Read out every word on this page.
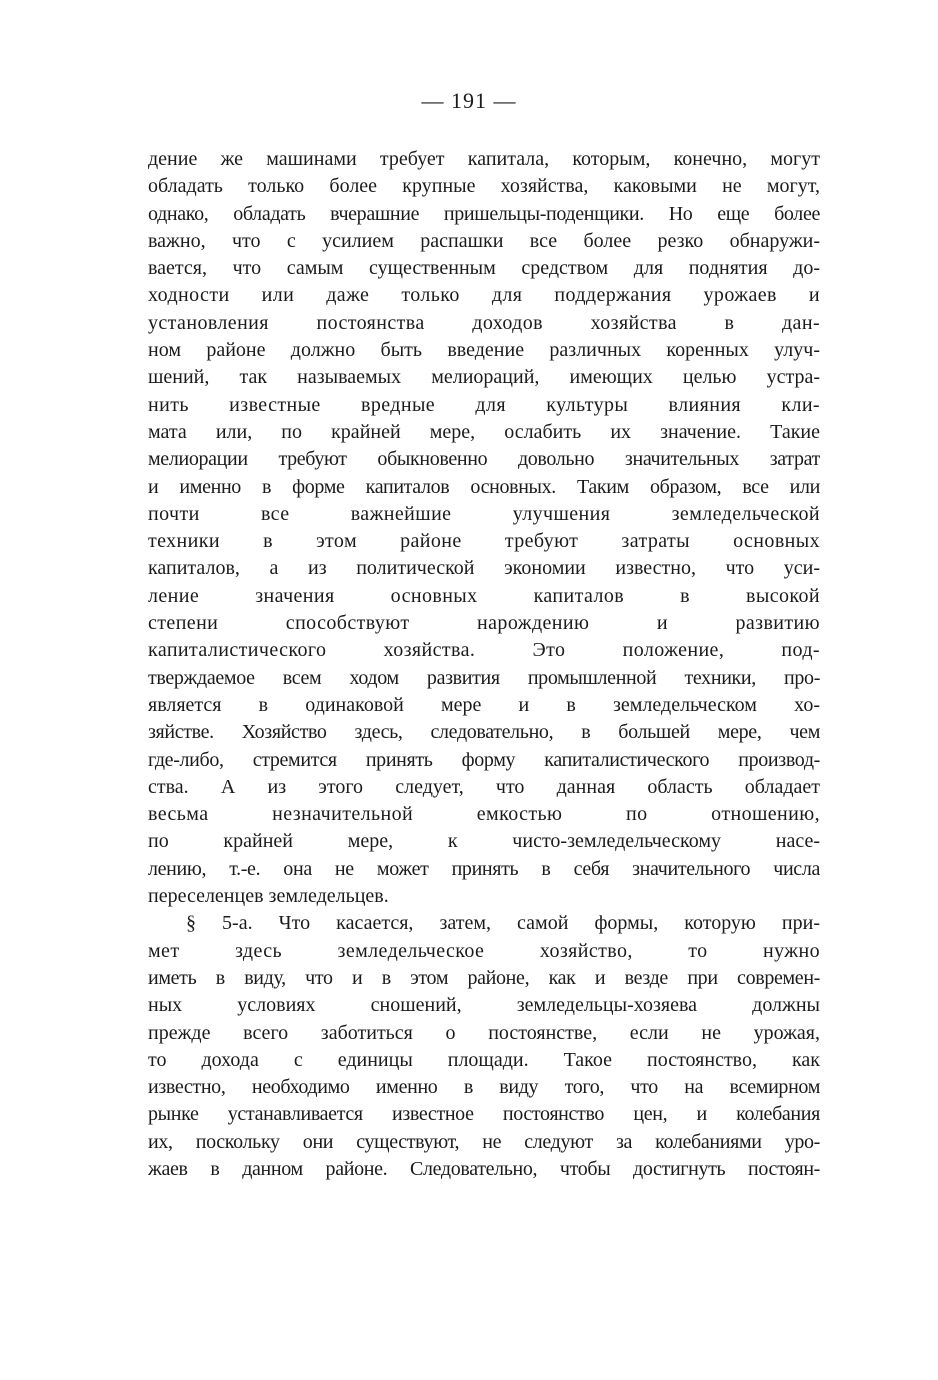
— 191 —
дение же машинами требует капитала, которым, конечно, могут
обладать только более крупные хозяйства, каковыми не могут,
однако, обладать вчерашние пришельцы-поденщики. Но еще более
важно, что с усилием распашки все более резко обнаружи-
вается, что самым существенным средством для поднятия до-
ходности или даже только для поддержания урожаев и
установления постоянства доходов хозяйства в дан-
ном районе должно быть введение различных коренных улуч-
шений, так называемых мелиораций, имеющих целью устра-
нить известные вредные для культуры влияния кли-
мата или, по крайней мере, ослабить их значение. Такие
мелиорации требуют обыкновенно довольно значительных затрат
и именно в форме капиталов основных. Таким образом, все или
почти все важнейшие улучшения земледельческой
техники в этом районе требуют затраты основных
капиталов, а из политической экономии известно, что уси-
ление значения основных капиталов в высокой
степени способствуют нарождению и развитию
капиталистического хозяйства. Это положение, под-
тверждаемое всем ходом развития промышленной техники, про-
является в одинаковой мере и в земледельческом хо-
зяйстве. Хозяйство здесь, следовательно, в большей мере, чем
где-либо, стремится принять форму капиталистического производ-
ства. А из этого следует, что данная область обладает
весьма незначительной емкостью по отношению,
по крайней мере, к чисто-земледельческому насе-
лению, т.-е. она не может принять в себя значительного числа
переселенцев земледельцев.
§ 5-а. Что касается, затем, самой формы, которую при-
мет здесь земледельческое хозяйство, то нужно
иметь в виду, что и в этом районе, как и везде при современ-
ных условиях сношений, земледельцы-хозяева должны
прежде всего заботиться о постоянстве, если не урожая,
то дохода с единицы площади. Такое постоянство, как
известно, необходимо именно в виду того, что на всемирном
рынке устанавливается известное постоянство цен, и колебания
их, поскольку они существуют, не следуют за колебаниями уро-
жаев в данном районе. Следовательно, чтобы достигнуть постоян-
